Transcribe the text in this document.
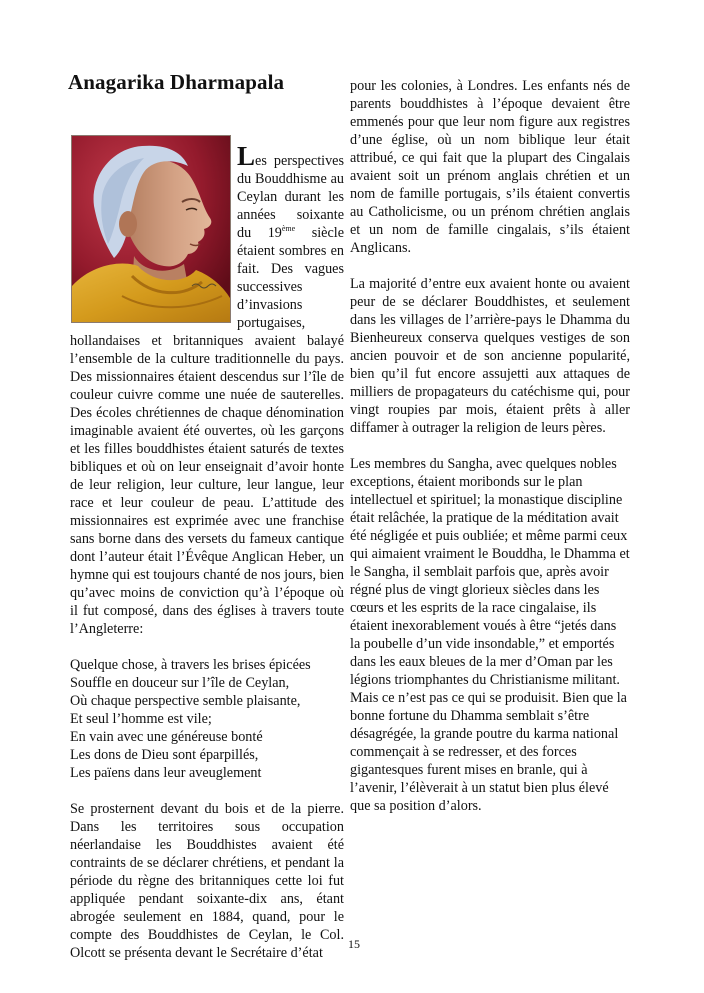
Anagarika Dharmapala

Les perspectives du Bouddhisme au Ceylan durant les années soixante du 19ème siècle étaient sombres en fait. Des vagues successives d’invasions portugaises, hollandaises et britanniques avaient balayé l’ensemble de la culture traditionnelle du pays. Des missionnaires étaient descendus sur l’île de couleur cuivre comme une nuée de sauterelles. Des écoles chrétiennes de chaque dénomination imaginable avaient été ouvertes, où les garçons et les filles bouddhistes étaient saturés de textes bibliques et où on leur enseignait d’avoir honte de leur religion, leur culture, leur langue, leur race et leur couleur de peau. L’attitude des missionnaires est exprimée avec une franchise sans borne dans des versets du fameux cantique dont l’auteur était l’Évêque Anglican Heber, un hymne qui est toujours chanté de nos jours, bien qu’avec moins de conviction qu’à l’époque où il fut composé, dans des églises à travers toute l’Angleterre:

Quelque chose, à travers les brises épicées
Souffle en douceur sur l’île de Ceylan,
Où chaque perspective semble plaisante,
Et seul l’homme est vile;
En vain avec une généreuse bonté
Les dons de Dieu sont éparpillés,
Les païens dans leur aveuglement

Se prosternent devant du bois et de la pierre. Dans les territoires sous occupation néerlandaise les Bouddhistes avaient été contraints de se déclarer chrétiens, et pendant la période du règne des britanniques cette loi fut appliquée pendant soixante-dix ans, étant abrogée seulement en 1884, quand, pour le compte des Bouddhistes de Ceylan, le Col. Olcott se présenta devant le Secrétaire d’état

pour les colonies, à Londres. Les enfants nés de parents bouddhistes à l’époque devaient être emmenés pour que leur nom figure aux registres d’une église, où un nom biblique leur était attribué, ce qui fait que la plupart des Cingalais avaient soit un prénom anglais chrétien et un nom de famille portugais, s’ils étaient convertis au Catholicisme, ou un prénom chrétien anglais et un nom de famille cingalais, s’ils étaient Anglicans.

La majorité d’entre eux avaient honte ou avaient peur de se déclarer Bouddhistes, et seulement dans les villages de l’arrière-pays le Dhamma du Bienheureux conserva quelques vestiges de son ancien pouvoir et de son ancienne popularité, bien qu’il fut encore assujetti aux attaques de milliers de propagateurs du catéchisme qui, pour vingt roupies par mois, étaient prêts à aller diffamer à outrager la religion de leurs pères.

Les membres du Sangha, avec quelques nobles exceptions, étaient moribonds sur le plan intellectuel et spirituel; la monastique discipline était relâchée, la pratique de la méditation avait été négligée et puis oubliée; et même parmi ceux qui aimaient vraiment le Bouddha, le Dhamma et le Sangha, il semblait parfois que, après avoir régné plus de vingt glorieux siècles dans les cœurs et les esprits de la race cingalaise, ils étaient inexorablement voués à être “jetés dans la poubelle d’un vide insondable,” et emportés dans les eaux bleues de la mer d’Oman par les légions triomphantes du Christianisme militant. Mais ce n’est pas ce qui se produisit. Bien que la bonne fortune du Dhamma semblait s’être désagrégée, la grande poutre du karma national commençait à se redresser, et des forces gigantesques furent mises en branle, qui à l’avenir, l’élèverait à un statut bien plus élevé que sa position d’alors.

15
